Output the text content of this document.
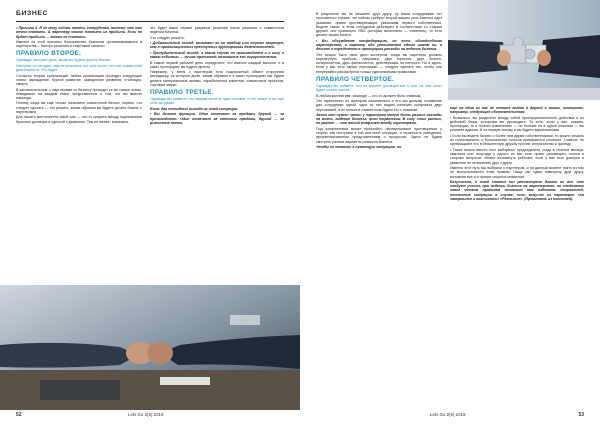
БИЗНЕС

• Причина 3. Я не могу сейчас нанять сотрудника, потому что мне нечем платить. А партнеру можно платить из прибыли. Если не будет прибыли — можно не платить.

Именно из этой причины большинство бизнесов организовываются в партнерстве – быстро решения и стартовый капитал.

ПРАВИЛО ВТОРОЕ.

Однажды наступит день, когда вы будете делить бизнес.

Наступит он сегодня, спустя несколько лет или после того как совместной деятельности. Это будет.

Согласно теории организаций, любая организация проходит следующие этапы: зарождение, бурное развитие, замедление развития, стагнация, смерть.

В заключительном: с партнерами по бизнесу проходит те же самые этапы, невидимые на каждом этапе представления о том, что вы вместе навсегда.

Потому, когда вы еще только начинаете совместный бизнес, первое, что следует сделать — это решить, каким образом вы будете делить бизнес с партнерами.

Для нашего менталитета такой шаг — что-то среднее между подписанием брачного договора и сделкой с дьяволом. Тем не менее, возможно,

это будет ваше первое разумное решение после решения о совместном ведении бизнеса.

Что следует решить:

• Добровольный выход: возможен ли он вообще или строго запрещен, кем в организационных преступных группировках деятельностей.

• Принудительный выход: в каком случае он производится и в силу о каком событии — лучше прописать возможные его осуществления.

В самой первой рабочей день определите, что именно каждый выносит и в каких пропорциях вы будете делить.

Например, у меня с партнером есть подписанный обмен стороннем менеджеру, из которого долю, каким образом и в каких пропорциях мы будем делить материальные активы, нарабатанных клиентов, совместных проектов, торговые марки.

ПРАВИЛО ТРЕТЬЕ.

Однажды вы поймете, что вашим несется один человек, и это может и вы при этой ситуации.

Есть два очевидных выхода из этой ситуации.

• Вы делите функции. Один отвечает за продажи, другой — за производство. Один отвечает за отповые продажи, другой — за розничные точки.

52	Lets Go 2(9) 2018

В результате вы не мешаете друг другу, ну ваша сотрудникам нет постоянного стража, что сейчас требуют второй вашим узла бизнеса идет указания, прямо противоречащие указаниям первого собственника. Видите также, в этом сотрудники действуют в соответствии со старым друзей: они правильно ПВО (которые выполнить — отменить), то есть делает своим ничего.

• Вы обсуждаете конфедерацию, но есть обоюдообязан партнерство, а партнер обо указывается одним шагом ни, и делите в определенных пропорциях расходы на ведение бизнеса.

Это можно быть свои двух экспертов, когда вы партнеры должны перевернуть прибыль, например, двух юристов, двух бизнес-консультантов, двух финансистов, действующих на которого. Но и здесь, если у вас есть явные персонажи — следует сделать так, чтобы они непрерывно рассмотрели только однозначными правилами.

ПРАВИЛО ЧЕТВЕРТОЕ.

Однажды вы поймете, что не можете договориться о том, на чем стоит будет стоить частях.

В любом коллективе, команде — кто-то должен быть главным.

Это гармонично из принципа изломанного и его мы должны отражение дал сотрудники одной, одно из них видим наличию конфликта двух персонажей, и их нельзя в совместном будем это с главным.

Зачем это нужно: часть у партнеров могут быть разные взгляды на жизнь, видение бизнеса, цели стратегии. В силу этих разных, но равное — что явный конфликт между партнерами.

Под конфликтами может произойти, неразрешимые противоречия у сторон, как поступать в той или иной ситуации, а странность поведения, аргументированное представлениям о процессах. Здесь не будем смотреть разные варианты развития бизнеса.

Чтобы не попасть в пугающую ситуацию, но

еще на один из вас не хотите войти в другой в ваших, оговорите, например, следующее обстоятельства:

• Возможно, вы разделите между собой пропорциональность действия и по действий Фирм, которыми вы руководите. То есть, если у вас, скажем, пропорции, то в ночных изменениях — не больше ни в одной решении — вы решаете вдвоем. И на первую основу и вы будете вариативными.

• Если вы ведете бизнес с более чем двумя собственниками, то можно решить их голосованием, и большинство голосов принимается решение. Главное, не превращайте это в бесконечную дружбу против, интриганство и фронду.

• Также можно ввести пост выборного председателя, когда в течение месяца, квартала или полугода у одного из вас есть право решающего голоса в спорных вопросах. Может возникнуть работает, если у вас есть доверие и уважение по отношению друг к другу.

Именно этот путь мы выбрали с партнером, и на данный момент никто из нас не воспользовался этим правом. Чаще мы идем навстречу друг другу, вспомнив все и и прочие спорных моментов.

Безусловно, в этой статье мы рассмотрели далеко не все, что следует учесть при ведении бизнеса на партнерстве, но следование этим четким правилам позволит вам избежать неприятной, неспешные ситуации в случае, если кому-то из партнеров «он завершился и окончилось» «Реальные». (Прочитать из новостей).

Lets Go 2(9) 2018	53
